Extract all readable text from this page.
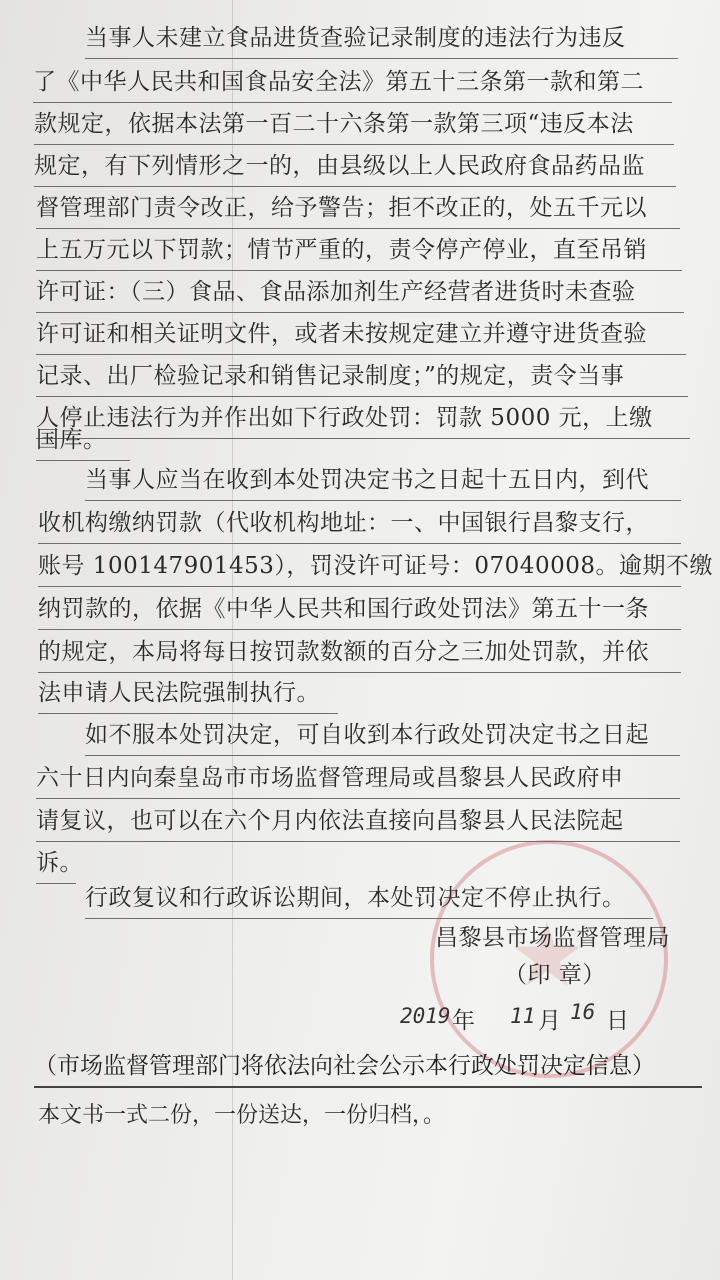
当事人未建立食品进货查验记录制度的违法行为违反
了《中华人民共和国食品安全法》第五十三条第一款和第二
款规定，依据本法第一百二十六条第一款第三项“违反本法
规定，有下列情形之一的，由县级以上人民政府食品药品监
督管理部门责令改正，给予警告；拒不改正的，处五千元以
上五万元以下罚款；情节严重的，责令停产停业，直至吊销
许可证：（三）食品、食品添加剂生产经营者进货时未查验
许可证和相关证明文件，或者未按规定建立并遵守进货查验
记录、出厂检验记录和销售记录制度；”的规定，责令当事
人停止违法行为并作出如下行政处罚：罚款 5000 元，上缴
国库。
当事人应当在收到本处罚决定书之日起十五日内，到代
收机构缴纳罚款（代收机构地址：一、中国银行昌黎支行，
账号 100147901453），罚没许可证号：07040008。逾期不缴
纳罚款的，依据《中华人民共和国行政处罚法》第五十一条
的规定，本局将每日按罚款数额的百分之三加处罚款，并依
法申请人民法院强制执行。
如不服本处罚决定，可自收到本行政处罚决定书之日起
六十日内向秦皇岛市市场监督管理局或昌黎县人民政府申
请复议，也可以在六个月内依法直接向昌黎县人民法院起
诉。
行政复议和行政诉讼期间，本处罚决定不停止执行。
昌黎县市场监督管理局
（印 章）
2019 年 11 月 16 日
（市场监督管理部门将依法向社会公示本行政处罚决定信息）
本文书一式二份，一份送达，一份归档，。
